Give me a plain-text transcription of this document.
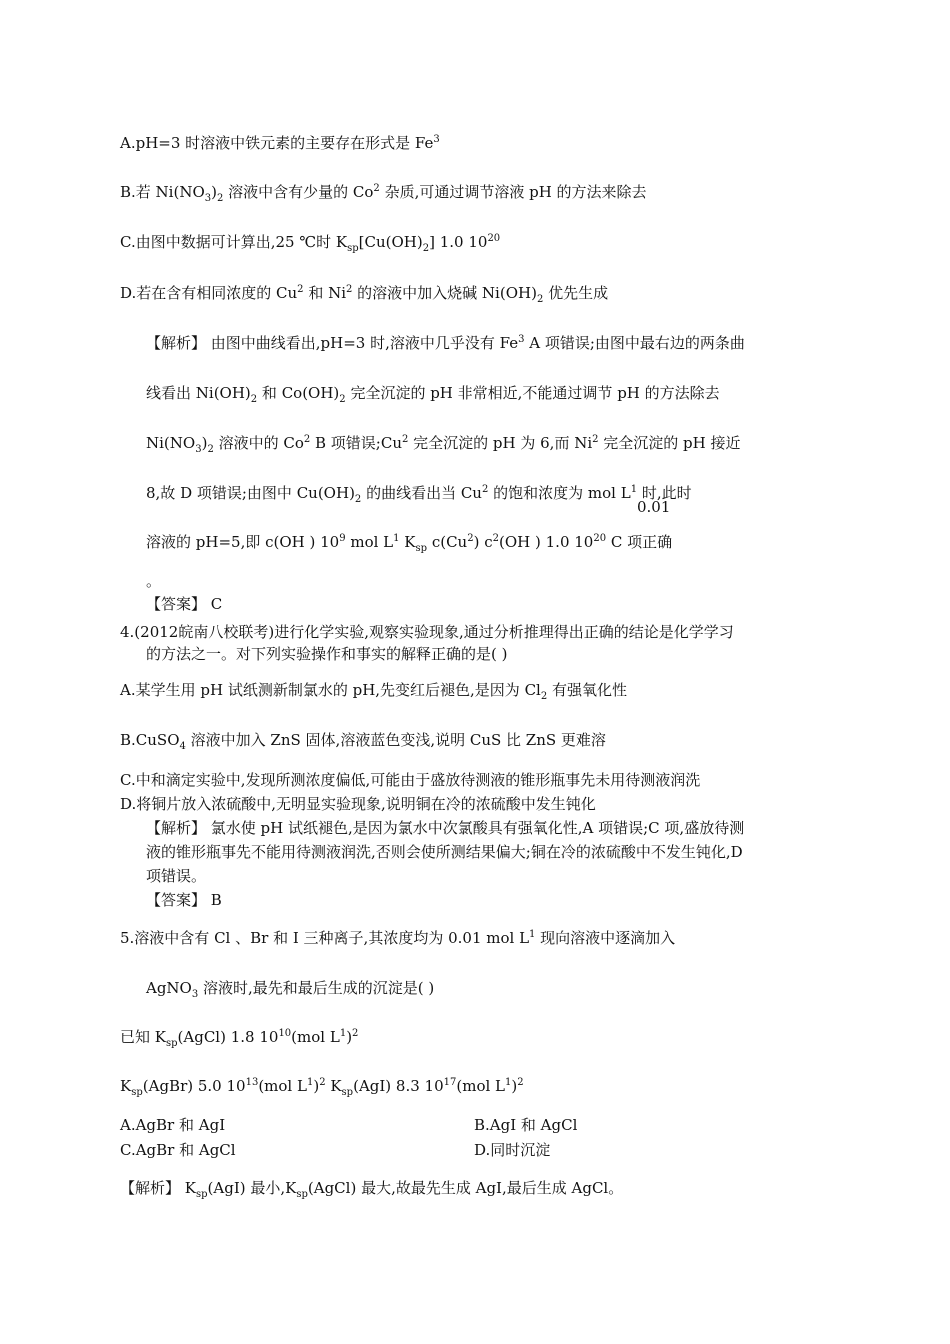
A.pH=3 时溶液中铁元素的主要存在形式是 Fe$^3$
B.若 $Ni(NO_3)_2$ 溶液中含有少量的 Co$^2$ 杂质,可通过调节溶液 pH 的方法来除去
C.由图中数据可计算出,25 ℃时 $K_{sp}[Cu(OH)_2]$ 1.0 $10^{20}$
D.若在含有相同浓度的 Cu$^2$ 和 Ni$^2$ 的溶液中加入烧碱 $Ni(OH)_2$ 优先生成
【解析】 由图中曲线看出,pH=3 时,溶液中几乎没有 Fe$^3$ A 项错误;由图中最右边的两条曲
线看出 $Ni(OH)_2$ 和 $Co(OH)_2$ 完全沉淀的 pH 非常相近,不能通过调节 pH 的方法除去
$Ni(NO_3)_2$ 溶液中的 Co$^2$ B 项错误;Cu$^2$ 完全沉淀的 pH 为 6,而 Ni$^2$ 完全沉淀的 pH 接近
8,故 D 项错误;由图中 $Cu(OH)_2$ 的曲线看出当 Cu$^2$ 的饱和浓度为 mol $L^1$ 时,此时
0.01
溶液的 pH=5,即 c(OH ) $10^9$ mol $L^1$ $K_{sp}$ c(Cu$^2$) $c^2(OH$ ) 1.0 $10^{20}$ C 项正确
。
【答案】 C
4.(2012皖南八校联考)进行化学实验,观察实验现象,通过分析推理得出正确的结论是化学学习
的方法之一。对下列实验操作和事实的解释正确的是( )
A.某学生用 pH 试纸测新制氯水的 pH,先变红后褪色,是因为 $Cl_2$ 有强氧化性
B.CuSO$_4$ 溶液中加入 ZnS 固体,溶液蓝色变浅,说明 CuS 比 ZnS 更难溶
C.中和滴定实验中,发现所测浓度偏低,可能由于盛放待测液的锥形瓶事先未用待测液润洗
D.将铜片放入浓硫酸中,无明显实验现象,说明铜在冷的浓硫酸中发生钝化
【解析】 氯水使 pH 试纸褪色,是因为氯水中次氯酸具有强氧化性,A 项错误;C 项,盛放待测
液的锥形瓶事先不能用待测液润洗,否则会使所测结果偏大;铜在冷的浓硫酸中不发生钝化,D
项错误。
【答案】 B
5.溶液中含有 Cl 、Br 和 I 三种离子,其浓度均为 0.01 mol $L^1$ 现向溶液中逐滴加入
AgNO$_3$ 溶液时,最先和最后生成的沉淀是( )
已知 $K_{sp}(AgCl)$ 1.8 $10^{10}(mol$ $L^1)^2$
$K_{sp}(AgBr)$ 5.0 $10^{13}(mol$ $L^1)^2$ $K_{sp}(AgI)$ 8.3 $10^{17}(mol$ $L^1)^2$
A.AgBr 和 AgI	B.AgI 和 AgCl
C.AgBr 和 AgCl	D.同时沉淀
【解析】 $K_{sp}(AgI)$ 最小$,K_{sp}(AgCl)$ 最大,故最先生成 AgI,最后生成 AgCl。
